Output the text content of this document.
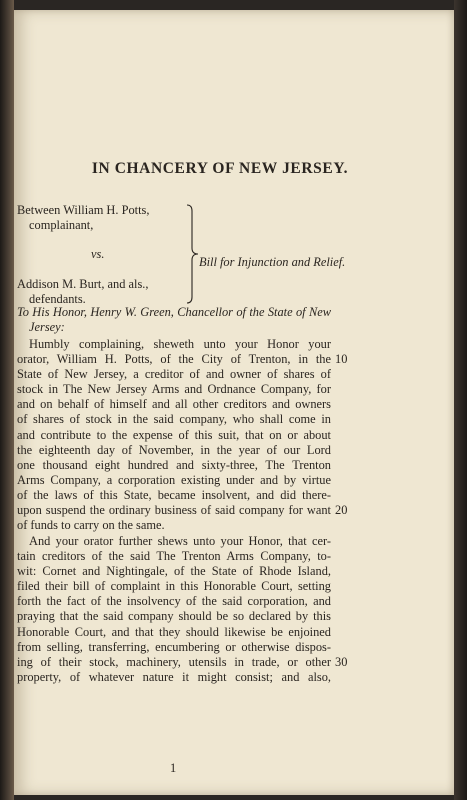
IN CHANCERY OF NEW JERSEY.
Between William H. Potts,
complainant,
vs.
Addison M. Burt, and als.,
defendants.
Bill for Injunction and Relief.
To His Honor, Henry W. Green, Chancellor of the State of New
Jersey:
Humbly complaining, sheweth unto your Honor your
orator, William H. Potts, of the City of Trenton, in the
State of New Jersey, a creditor of and owner of shares of
stock in The New Jersey Arms and Ordnance Company, for
and on behalf of himself and all other creditors and owners
of shares of stock in the said company, who shall come in
and contribute to the expense of this suit, that on or about
the eighteenth day of November, in the year of our Lord
one thousand eight hundred and sixty-three, The Trenton
Arms Company, a corporation existing under and by virtue
of the laws of this State, became insolvent, and did there-
upon suspend the ordinary business of said company for want
of funds to carry on the same.
And your orator further shews unto your Honor, that cer-
tain creditors of the said The Trenton Arms Company, to-
wit: Cornet and Nightingale, of the State of Rhode Island,
filed their bill of complaint in this Honorable Court, setting
forth the fact of the insolvency of the said corporation, and
praying that the said company should be so declared by this
Honorable Court, and that they should likewise be enjoined
from selling, transferring, encumbering or otherwise dispos-
ing of their stock, machinery, utensils in trade, or other
property, of whatever nature it might consist; and also,
10
20
30
1
